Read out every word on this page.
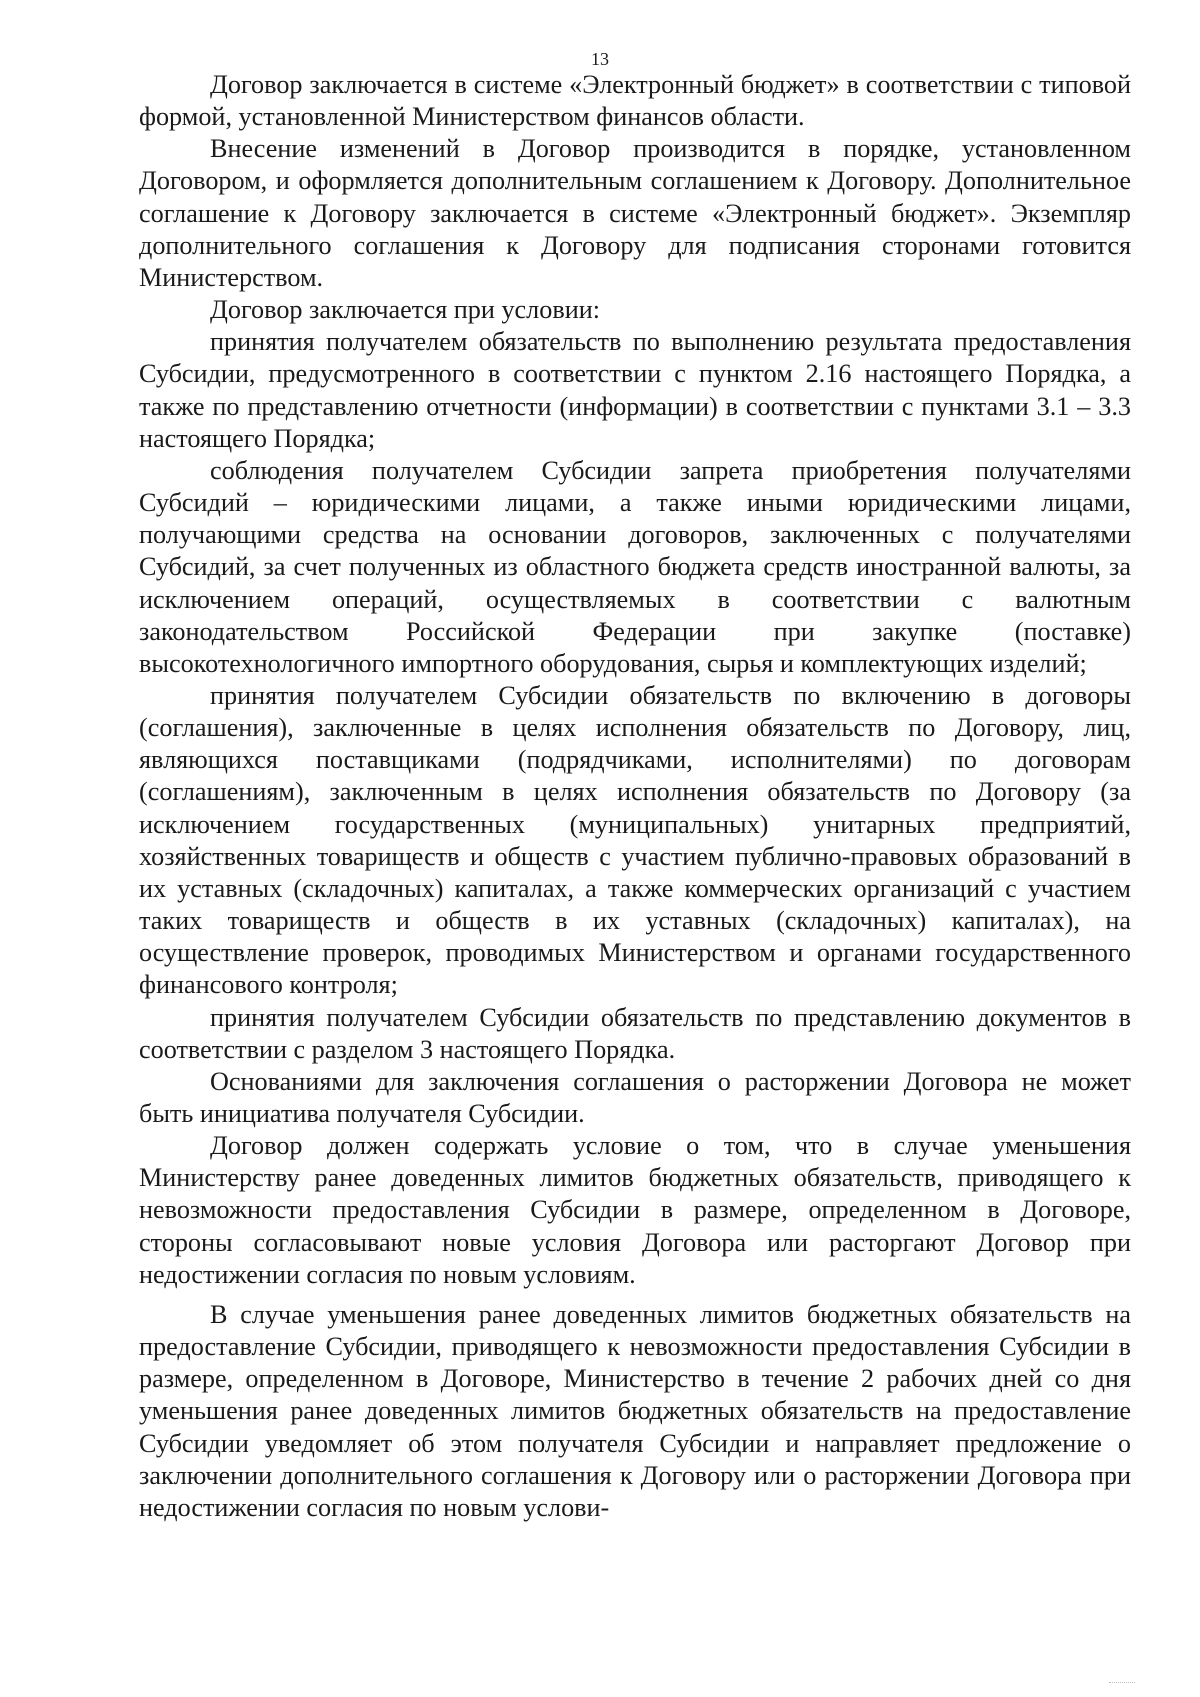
13

Договор заключается в системе «Электронный бюджет» в соответствии с типовой формой, установленной Министерством финансов области.

Внесение изменений в Договор производится в порядке, установленном Договором, и оформляется дополнительным соглашением к Договору. Дополнительное соглашение к Договору заключается в системе «Электронный бюджет». Экземпляр дополнительного соглашения к Договору для подписания сторонами готовится Министерством.

Договор заключается при условии:

принятия получателем обязательств по выполнению результата предоставления Субсидии, предусмотренного в соответствии с пунктом 2.16 настоящего Порядка, а также по представлению отчетности (информации) в соответствии с пунктами 3.1 – 3.3 настоящего Порядка;

соблюдения получателем Субсидии запрета приобретения получателями Субсидий – юридическими лицами, а также иными юридическими лицами, получающими средства на основании договоров, заключенных с получателями Субсидий, за счет полученных из областного бюджета средств иностранной валюты, за исключением операций, осуществляемых в соответствии с валютным законодательством Российской Федерации при закупке (поставке) высокотехнологичного импортного оборудования, сырья и комплектующих изделий;

принятия получателем Субсидии обязательств по включению в договоры (соглашения), заключенные в целях исполнения обязательств по Договору, лиц, являющихся поставщиками (подрядчиками, исполнителями) по договорам (соглашениям), заключенным в целях исполнения обязательств по Договору (за исключением государственных (муниципальных) унитарных предприятий, хозяйственных товариществ и обществ с участием публично-правовых образований в их уставных (складочных) капиталах, а также коммерческих организаций с участием таких товариществ и обществ в их уставных (складочных) капиталах), на осуществление проверок, проводимых Министерством и органами государственного финансового контроля;

принятия получателем Субсидии обязательств по представлению документов в соответствии с разделом 3 настоящего Порядка.

Основаниями для заключения соглашения о расторжении Договора не может быть инициатива получателя Субсидии.

Договор должен содержать условие о том, что в случае уменьшения Министерству ранее доведенных лимитов бюджетных обязательств, приводящего к невозможности предоставления Субсидии в размере, определенном в Договоре, стороны согласовывают новые условия Договора или расторгают Договор при недостижении согласия по новым условиям.

В случае уменьшения ранее доведенных лимитов бюджетных обязательств на предоставление Субсидии, приводящего к невозможности предоставления Субсидии в размере, определенном в Договоре, Министерство в течение 2 рабочих дней со дня уменьшения ранее доведенных лимитов бюджетных обязательств на предоставление Субсидии уведомляет об этом получателя Субсидии и направляет предложение о заключении дополнительного соглашения к Договору или о расторжении Договора при недостижении согласия по новым услови-
